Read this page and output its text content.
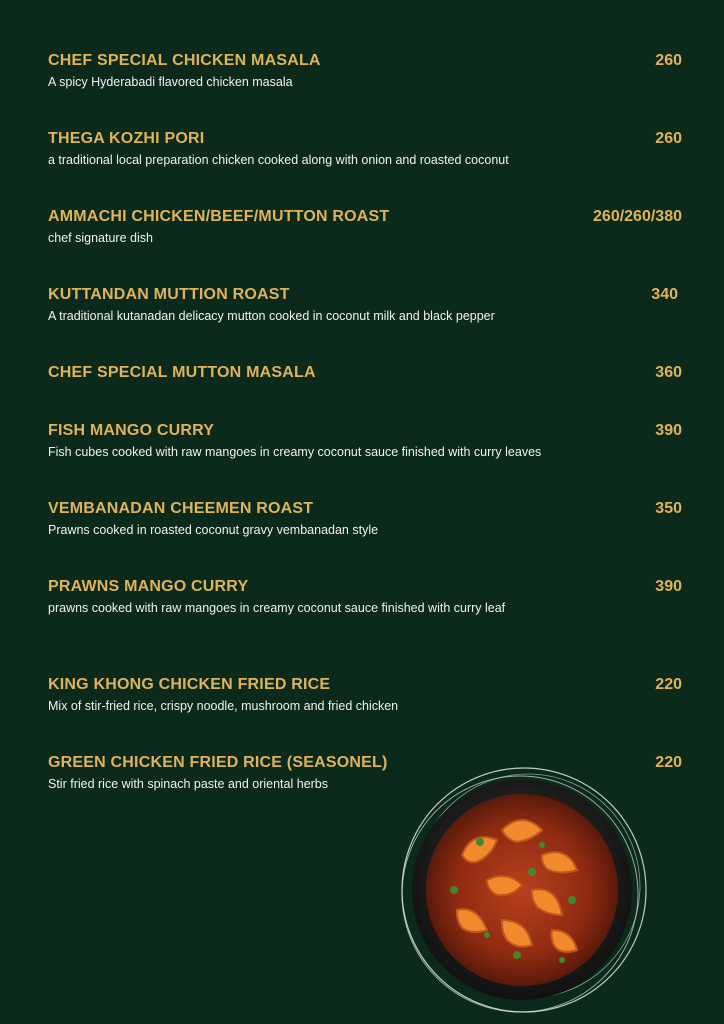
CHEF SPECIAL CHICKEN MASALA	260
A spicy Hyderabadi flavored chicken masala
THEGA KOZHI PORI	260
a traditional local preparation chicken cooked along with onion and roasted coconut
AMMACHI CHICKEN/BEEF/MUTTON ROAST	260/260/380
chef signature dish
KUTTANDAN MUTTION ROAST	340
A traditional kutanadan delicacy mutton cooked in coconut milk and black pepper
CHEF SPECIAL MUTTON MASALA	360
FISH MANGO CURRY	390
Fish cubes cooked with raw mangoes in creamy coconut sauce finished with curry leaves
VEMBANADAN CHEEMEN ROAST	350
Prawns cooked in roasted coconut gravy vembanadan style
PRAWNS MANGO CURRY	390
prawns cooked with raw mangoes in creamy coconut sauce finished with curry leaf
KING KHONG CHICKEN FRIED RICE	220
Mix of stir-fried rice, crispy noodle, mushroom and fried chicken
GREEN CHICKEN FRIED RICE (SEASONEL)	220
Stir fried rice with spinach paste and oriental herbs
